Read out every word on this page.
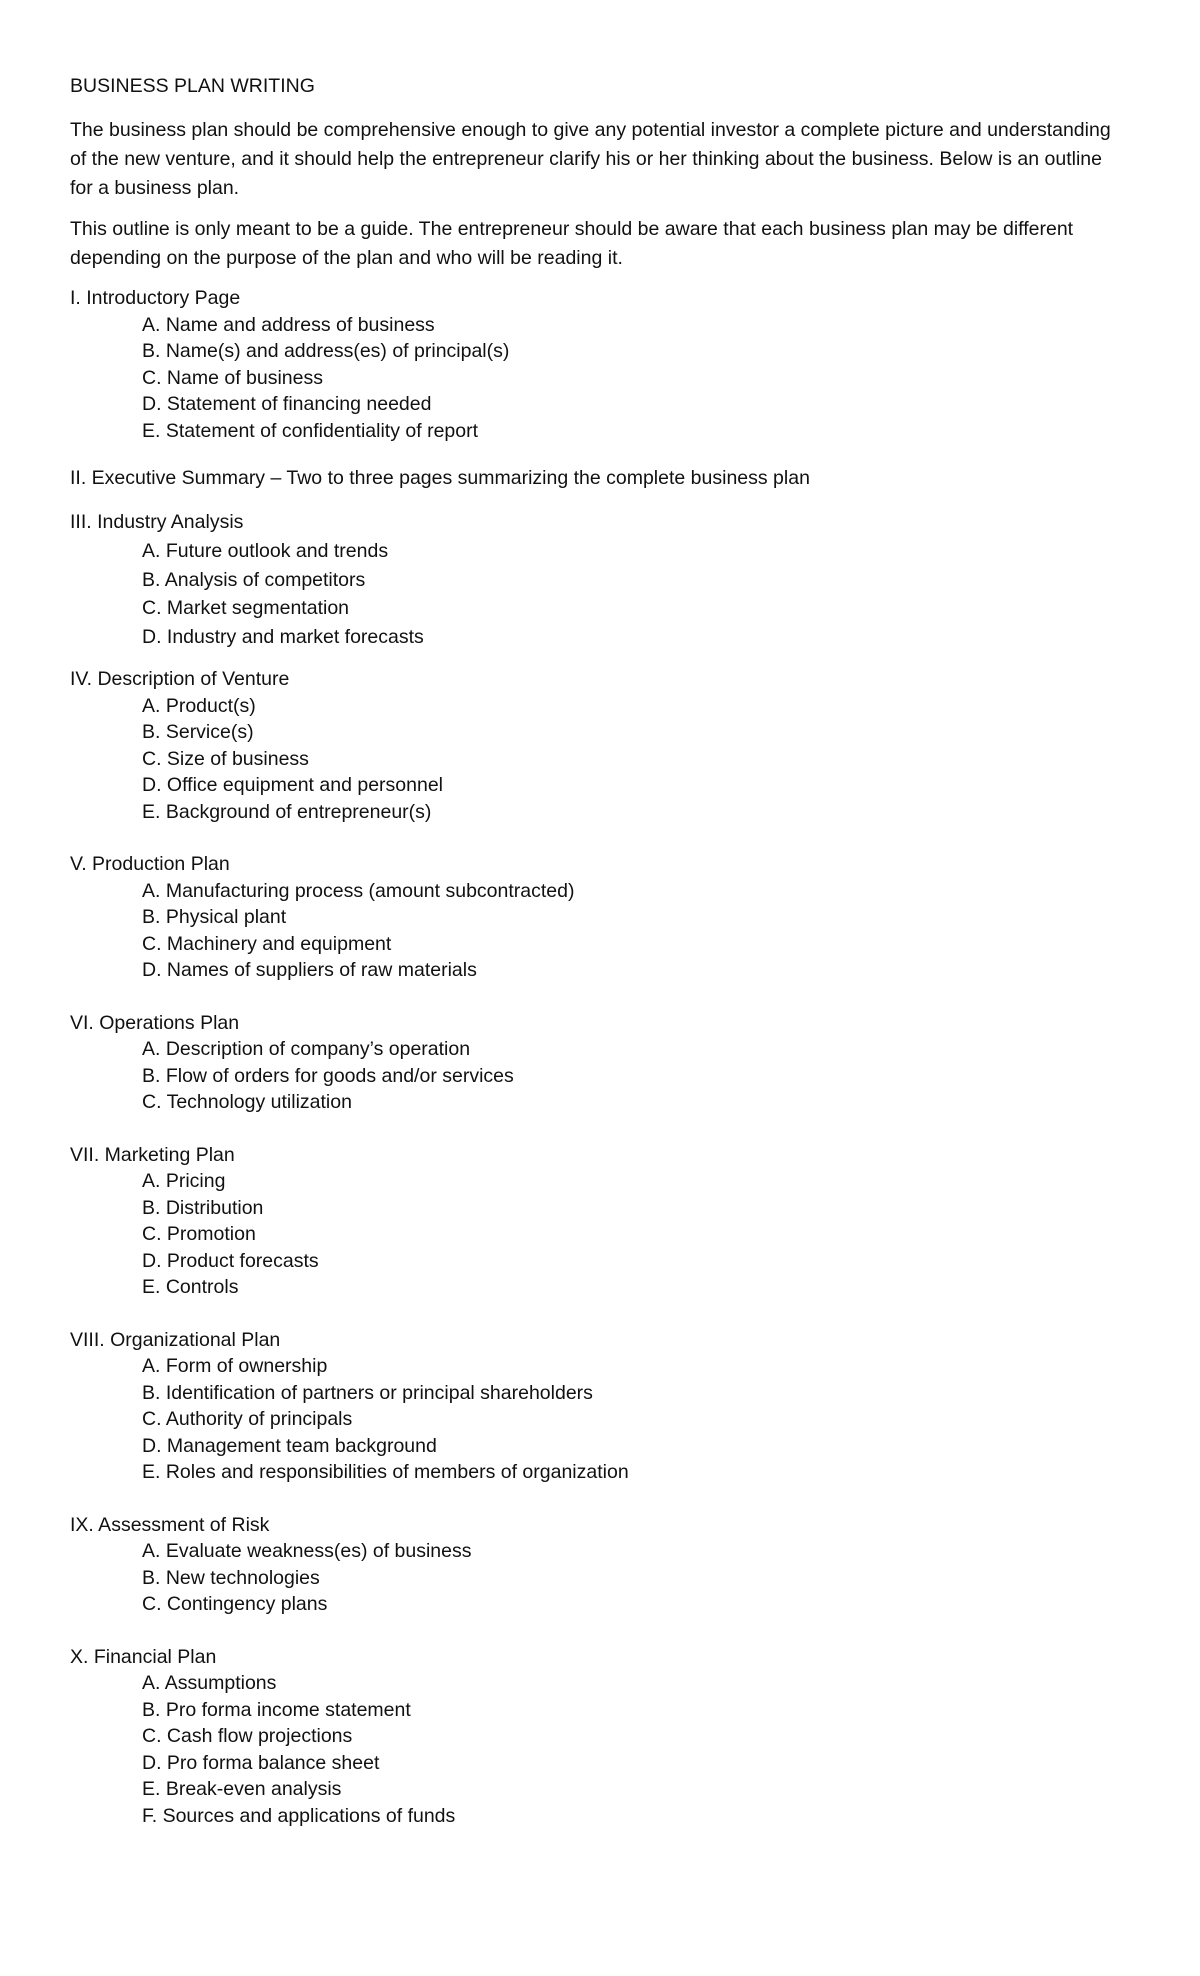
BUSINESS PLAN WRITING

The business plan should be comprehensive enough to give any potential investor a complete picture and understanding of the new venture, and it should help the entrepreneur clarify his or her thinking about the business. Below is an outline for a business plan.

This outline is only meant to be a guide. The entrepreneur should be aware that each business plan may be different depending on the purpose of the plan and who will be reading it.

I. Introductory Page
A. Name and address of business
B. Name(s) and address(es) of principal(s)
C. Name of business
D. Statement of financing needed
E. Statement of confidentiality of report
II. Executive Summary – Two to three pages summarizing the complete business plan
III. Industry Analysis
A. Future outlook and trends
B. Analysis of competitors
C. Market segmentation
D. Industry and market forecasts
IV. Description of Venture
A. Product(s)
B. Service(s)
C. Size of business
D. Office equipment and personnel
E. Background of entrepreneur(s)
V. Production Plan
A. Manufacturing process (amount subcontracted)
B. Physical plant
C. Machinery and equipment
D. Names of suppliers of raw materials
VI. Operations Plan
A. Description of company’s operation
B. Flow of orders for goods and/or services
C. Technology utilization
VII. Marketing Plan
A. Pricing
B. Distribution
C. Promotion
D. Product forecasts
E. Controls
VIII. Organizational Plan
A. Form of ownership
B. Identification of partners or principal shareholders
C. Authority of principals
D. Management team background
E. Roles and responsibilities of members of organization
IX. Assessment of Risk
A. Evaluate weakness(es) of business
B. New technologies
C. Contingency plans
X. Financial Plan
A. Assumptions
B. Pro forma income statement
C. Cash flow projections
D. Pro forma balance sheet
E. Break-even analysis
F. Sources and applications of funds
